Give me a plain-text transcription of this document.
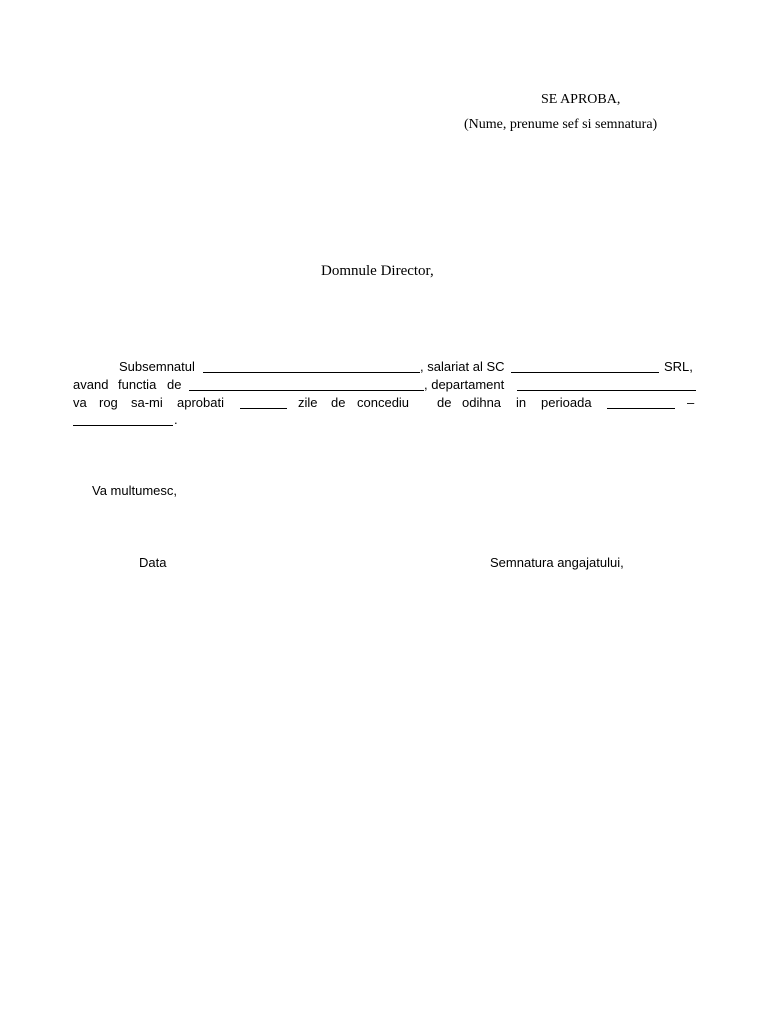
SE APROBA,
(Nume, prenume sef si semnatura)
Domnule Director,
Subsemnatul	, salariat al SC	SRL,
avand functia de	, departament
va rog sa-mi aprobati	zile de concediu de odihna in perioada	–
.
Va multumesc,
Data	Semnatura angajatului,
